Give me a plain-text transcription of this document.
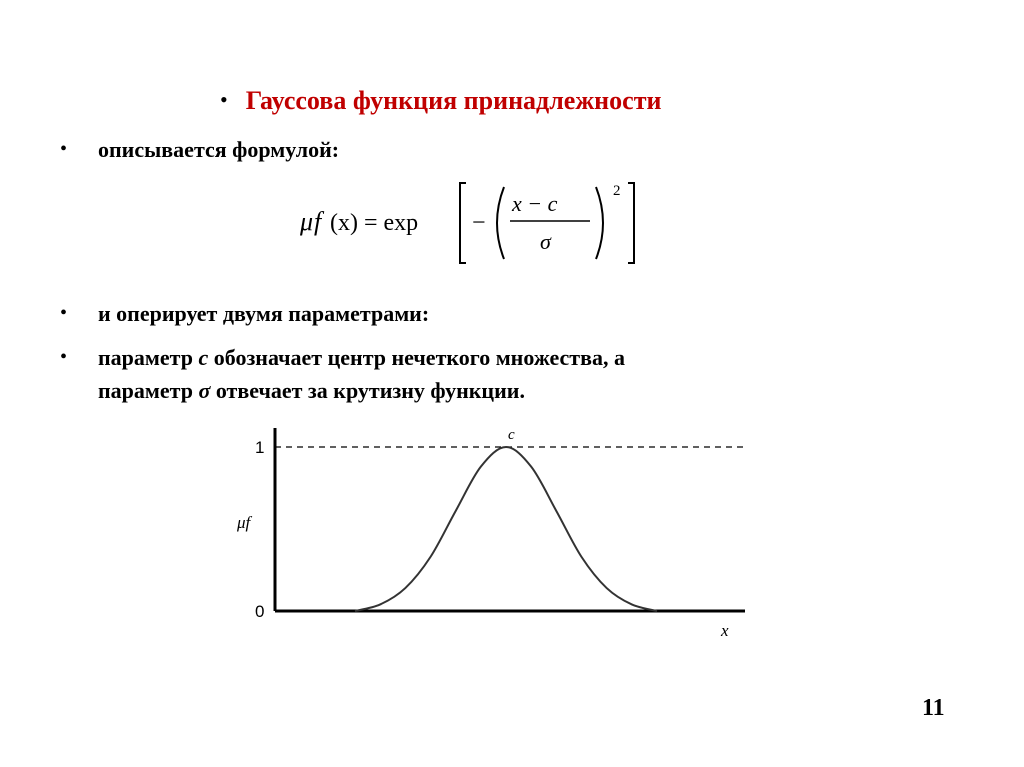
• Гауссова функция принадлежности
• описывается формулой:
μ f (x) = exp −
x − c
σ
2
• и оперирует двумя параметрами:
• параметр c обозначает центр нечеткого множества, а
параметр σ отвечает за крутизну функции.
1
0
μf
x
c
11
